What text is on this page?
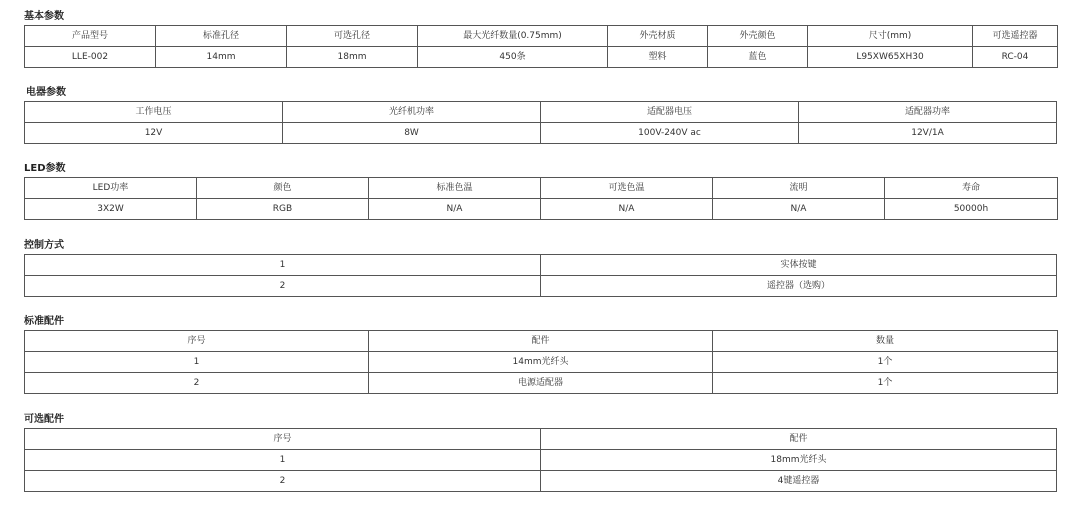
基本参数
产品型号	标准孔径	可选孔径	最大光纤数量(0.75mm)	外壳材质	外壳颜色	尺寸(mm)	可选遥控器
LLE-002	14mm	18mm	450条	塑料	蓝色	L95XW65XH30	RC-04
电器参数
工作电压	光纤机功率	适配器电压	适配器功率
12V	8W	100V-240V ac	12V/1A
LED参数
LED功率	颜色	标准色温	可选色温	流明	寿命
3X2W	RGB	N/A	N/A	N/A	50000h
控制方式
1	实体按键
2	遥控器（选购）
标准配件
序号	配件	数量
1	14mm光纤头	1个
2	电源适配器	1个
可选配件
序号	配件
1	18mm光纤头
2	4键遥控器
